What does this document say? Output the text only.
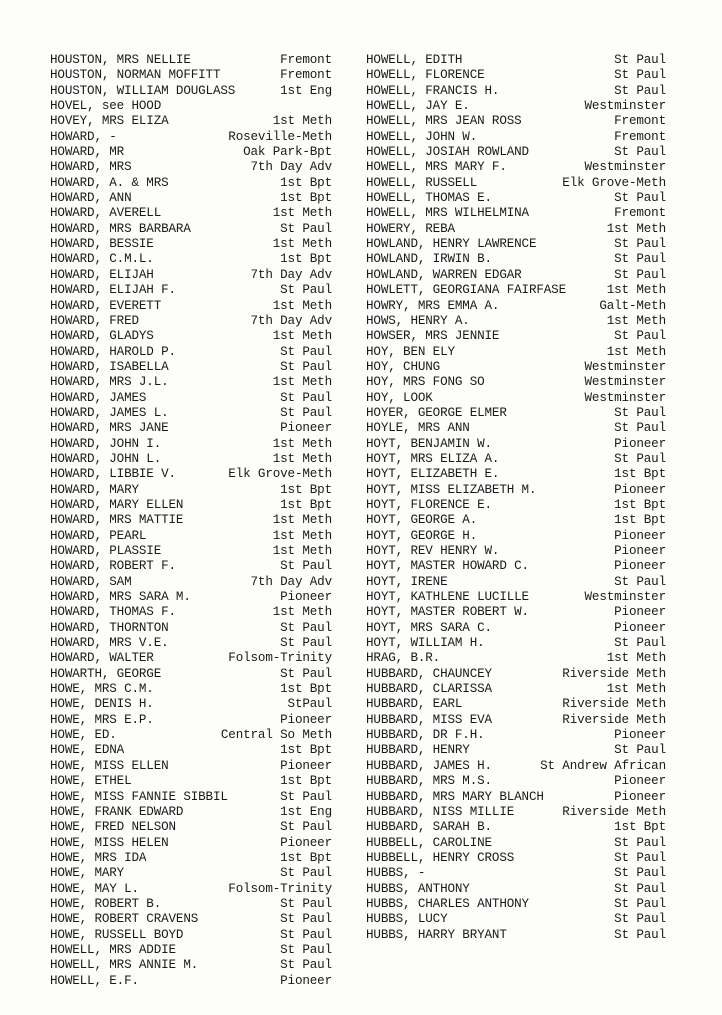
HOUSTON, MRS NELLIE	Fremont
HOUSTON, NORMAN MOFFITT	Fremont
HOUSTON, WILLIAM DOUGLASS	1st Eng
HOVEL, see HOOD
HOVEY, MRS ELIZA	1st Meth
HOWARD, -	Roseville-Meth
HOWARD, MR	Oak Park-Bpt
HOWARD, MRS	7th Day Adv
HOWARD, A. & MRS	1st Bpt
HOWARD, ANN	1st Bpt
HOWARD, AVERELL	1st Meth
HOWARD, MRS BARBARA	St Paul
HOWARD, BESSIE	1st Meth
HOWARD, C.M.L.	1st Bpt
HOWARD, ELIJAH	7th Day Adv
HOWARD, ELIJAH F.	St Paul
HOWARD, EVERETT	1st Meth
HOWARD, FRED	7th Day Adv
HOWARD, GLADYS	1st Meth
HOWARD, HAROLD P.	St Paul
HOWARD, ISABELLA	St Paul
HOWARD, MRS J.L.	1st Meth
HOWARD, JAMES	St Paul
HOWARD, JAMES L.	St Paul
HOWARD, MRS JANE	Pioneer
HOWARD, JOHN I.	1st Meth
HOWARD, JOHN L.	1st Meth
HOWARD, LIBBIE V.	Elk Grove-Meth
HOWARD, MARY	1st Bpt
HOWARD, MARY ELLEN	1st Bpt
HOWARD, MRS MATTIE	1st Meth
HOWARD, PEARL	1st Meth
HOWARD, PLASSIE	1st Meth
HOWARD, ROBERT F.	St Paul
HOWARD, SAM	7th Day Adv
HOWARD, MRS SARA M.	Pioneer
HOWARD, THOMAS F.	1st Meth
HOWARD, THORNTON	St Paul
HOWARD, MRS V.E.	St Paul
HOWARD, WALTER	Folsom-Trinity
HOWARTH, GEORGE	St Paul
HOWE, MRS C.M.	1st Bpt
HOWE, DENIS H.	StPaul
HOWE, MRS E.P.	Pioneer
HOWE, ED.	Central So Meth
HOWE, EDNA	1st Bpt
HOWE, MISS ELLEN	Pioneer
HOWE, ETHEL	1st Bpt
HOWE, MISS FANNIE SIBBIL	St Paul
HOWE, FRANK EDWARD	1st Eng
HOWE, FRED NELSON	St Paul
HOWE, MISS HELEN	Pioneer
HOWE, MRS IDA	1st Bpt
HOWE, MARY	St Paul
HOWE, MAY L.	Folsom-Trinity
HOWE, ROBERT B.	St Paul
HOWE, ROBERT CRAVENS	St Paul
HOWE, RUSSELL BOYD	St Paul
HOWELL, MRS ADDIE	St Paul
HOWELL, MRS ANNIE M.	St Paul
HOWELL, E.F.	Pioneer
HOWELL, EDITH	St Paul
HOWELL, FLORENCE	St Paul
HOWELL, FRANCIS H.	St Paul
HOWELL, JAY E.	Westminster
HOWELL, MRS JEAN ROSS	Fremont
HOWELL, JOHN W.	Fremont
HOWELL, JOSIAH ROWLAND	St Paul
HOWELL, MRS MARY F.	Westminster
HOWELL, RUSSELL	Elk Grove-Meth
HOWELL, THOMAS E.	St Paul
HOWELL, MRS WILHELMINA	Fremont
HOWERY, REBA	1st Meth
HOWLAND, HENRY LAWRENCE	St Paul
HOWLAND, IRWIN B.	St Paul
HOWLAND, WARREN EDGAR	St Paul
HOWLETT, GEORGIANA FAIRFASE	1st Meth
HOWRY, MRS EMMA A.	Galt-Meth
HOWS, HENRY A.	1st Meth
HOWSER, MRS JENNIE	St Paul
HOY, BEN ELY	1st Meth
HOY, CHUNG	Westminster
HOY, MRS FONG SO	Westminster
HOY, LOOK	Westminster
HOYER, GEORGE ELMER	St Paul
HOYLE, MRS ANN	St Paul
HOYT, BENJAMIN W.	Pioneer
HOYT, MRS ELIZA A.	St Paul
HOYT, ELIZABETH E.	1st Bpt
HOYT, MISS ELIZABETH M.	Pioneer
HOYT, FLORENCE E.	1st Bpt
HOYT, GEORGE A.	1st Bpt
HOYT, GEORGE H.	Pioneer
HOYT, REV HENRY W.	Pioneer
HOYT, MASTER HOWARD C.	Pioneer
HOYT, IRENE	St Paul
HOYT, KATHLENE LUCILLE	Westminster
HOYT, MASTER ROBERT W.	Pioneer
HOYT, MRS SARA C.	Pioneer
HOYT, WILLIAM H.	St Paul
HRAG, B.R.	1st Meth
HUBBARD, CHAUNCEY	Riverside Meth
HUBBARD, CLARISSA	1st Meth
HUBBARD, EARL	Riverside Meth
HUBBARD, MISS EVA	Riverside Meth
HUBBARD, DR F.H.	Pioneer
HUBBARD, HENRY	St Paul
HUBBARD, JAMES H.	St Andrew African
HUBBARD, MRS M.S.	Pioneer
HUBBARD, MRS MARY BLANCH	Pioneer
HUBBARD, NISS MILLIE	Riverside Meth
HUBBARD, SARAH B.	1st Bpt
HUBBELL, CAROLINE	St Paul
HUBBELL, HENRY CROSS	St Paul
HUBBS, -	St Paul
HUBBS, ANTHONY	St Paul
HUBBS, CHARLES ANTHONY	St Paul
HUBBS, LUCY	St Paul
HUBBS, HARRY BRYANT	St Paul
